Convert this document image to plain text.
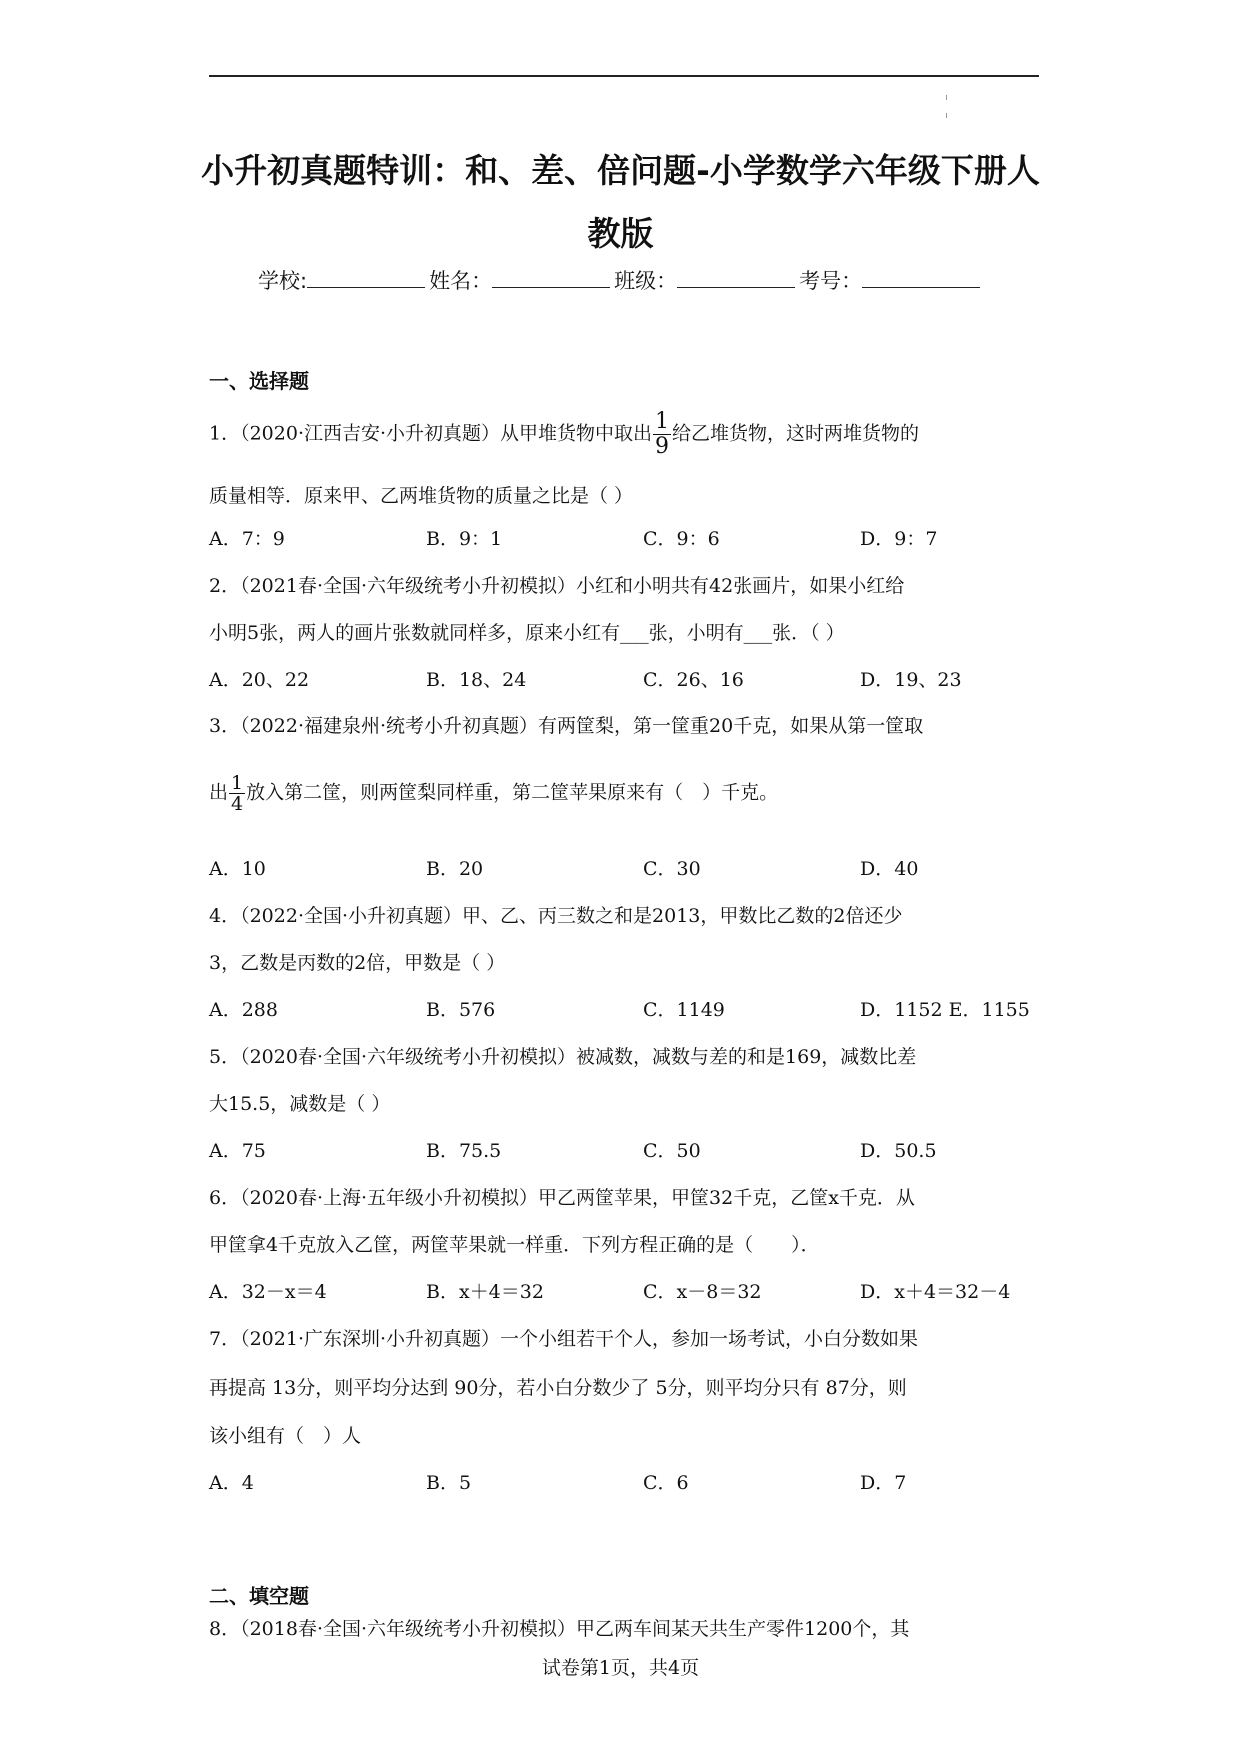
小升初真题特训：和、差、倍问题-小学数学六年级下册人
教版
学校:	姓名：	班级：	考号：
一、选择题
1．（2020·江西吉安·小升初真题）从甲堆货物中取出 $\frac{1}{9}$ 给乙堆货物，这时两堆货物的
质量相等．原来甲、乙两堆货物的质量之比是（ ）
A．7：9	B．9：1	C．9：6	D．9：7
2．（2021春·全国·六年级统考小升初模拟）小红和小明共有42张画片，如果小红给
小明5张，两人的画片张数就同样多，原来小红有___张，小明有___张．（ ）
A．20、22	B．18、24	C．26、16	D．19、23
3．（2022·福建泉州·统考小升初真题）有两筐梨，第一筐重20千克，如果从第一筐取
出 $\frac{1}{4}$ 放入第二筐，则两筐梨同样重，第二筐苹果原来有（　）千克。
A．10	B．20	C．30	D．40
4．（2022·全国·小升初真题）甲、乙、丙三数之和是2013，甲数比乙数的2倍还少
3，乙数是丙数的2倍，甲数是（ ）
A．288	B．576	C．1149	D．1152 E．1155
5．（2020春·全国·六年级统考小升初模拟）被减数，减数与差的和是169，减数比差
大15.5，减数是（ ）
A．75	B．75.5	C．50	D．50.5
6．（2020春·上海·五年级小升初模拟）甲乙两筐苹果，甲筐32千克，乙筐x千克．从
甲筐拿4千克放入乙筐，两筐苹果就一样重．下列方程正确的是（　　）．
A．32－x＝4	B．x＋4＝32	C．x－8＝32	D．x＋4＝32－4
7．（2021·广东深圳·小升初真题）一个小组若干个人，参加一场考试，小白分数如果
再提高 13分，则平均分达到 90分，若小白分数少了 5分，则平均分只有 87分，则
该小组有（　）人
A．4	B．5	C．6	D．7
二、填空题
8．（2018春·全国·六年级统考小升初模拟）甲乙两车间某天共生产零件1200个，其
试卷第1页，共4页
